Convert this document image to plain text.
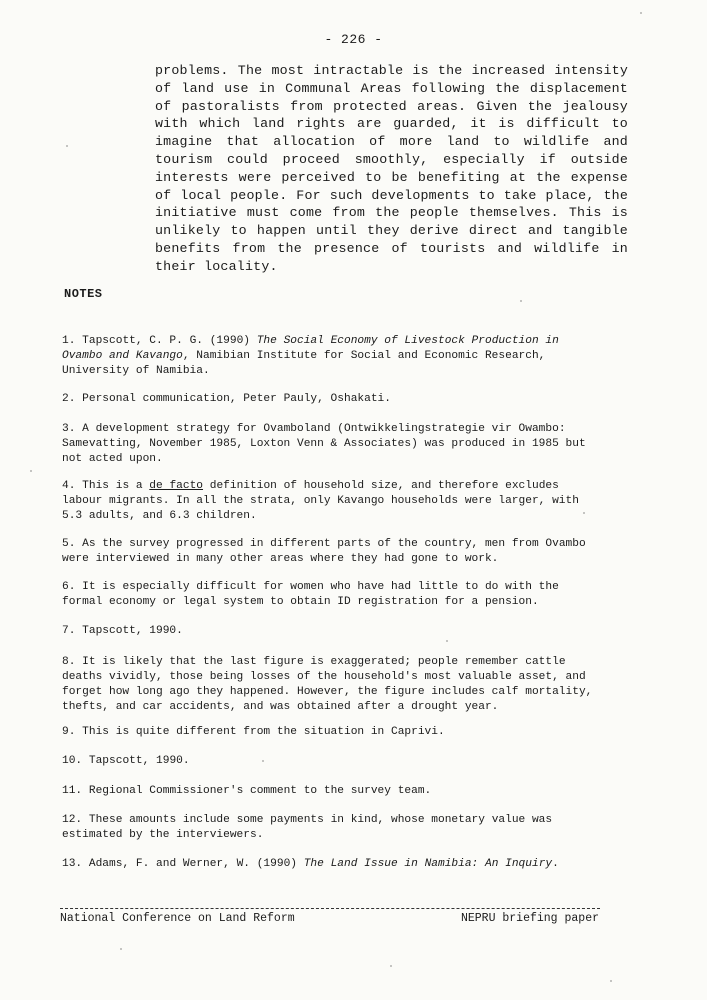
- 226 -
problems. The most intractable is the increased intensity of land use in Communal Areas following the displacement of pastoralists from protected areas. Given the jealousy with which land rights are guarded, it is difficult to imagine that allocation of more land to wildlife and tourism could proceed smoothly, especially if outside interests were perceived to be benefiting at the expense of local people. For such developments to take place, the initiative must come from the people themselves. This is unlikely to happen until they derive direct and tangible benefits from the presence of tourists and wildlife in their locality.
NOTES

1. Tapscott, C. P. G. (1990) The Social Economy of Livestock Production in Ovambo and Kavango, Namibian Institute for Social and Economic Research, University of Namibia.

2. Personal communication, Peter Pauly, Oshakati.

3. A development strategy for Ovamboland (Ontwikkelingstrategie vir Owambo: Samevatting, November 1985, Loxton Venn & Associates) was produced in 1985 but not acted upon.

4. This is a de facto definition of household size, and therefore excludes labour migrants. In all the strata, only Kavango households were larger, with 5.3 adults, and 6.3 children.

5. As the survey progressed in different parts of the country, men from Ovambo were interviewed in many other areas where they had gone to work.

6. It is especially difficult for women who have had little to do with the formal economy or legal system to obtain ID registration for a pension.

7. Tapscott, 1990.

8. It is likely that the last figure is exaggerated; people remember cattle deaths vividly, those being losses of the household's most valuable asset, and forget how long ago they happened. However, the figure includes calf mortality, thefts, and car accidents, and was obtained after a drought year.

9. This is quite different from the situation in Caprivi.

10. Tapscott, 1990.

11. Regional Commissioner's comment to the survey team.

12. These amounts include some payments in kind, whose monetary value was estimated by the interviewers.

13. Adams, F. and Werner, W. (1990) The Land Issue in Namibia: An Inquiry.

National Conference on Land Reform	NEPRU briefing paper
